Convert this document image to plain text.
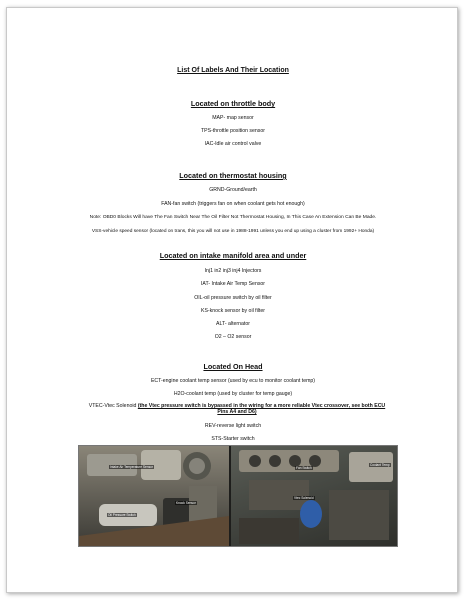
List Of Labels And Their Location
Located on throttle body
MAP- map sensor
TPS-throttle position sensor
IAC-Idle air control valve
Located on thermostat housing
GRND-Ground/earth
FAN-fan switch (triggers fan on when coolant gets hot enough)
Note: OBD0 Blocks Will have The Fan Switch Near The Oil Filter Not Thermostat Housing, In This Case An Extension Can Be Made.
VSS-vehicle speed sensor (located on trans, this you will not use in 1988-1991 unless you end up using a cluster from 1992+ Honda)
Located on intake manifold area and under
Inj1 in2 inj3 inj4 Injectors
IAT- Intake Air Temp Sensor
OIL-oil pressure switch by oil filter
KS-knock sensor by oil filter
ALT- alternator
O2 – O2 sensor
Located On Head
ECT-engine coolant temp sensor (used by ecu to monitor coolant temp)
H2O-coolant temp (used by cluster for temp gauge)
VTEC-Vtec Solenoid (the Vtec pressure switch is bypassed in the wiring for a more reliable Vtec crossover, see both ECU Pins A4 and D6)
REV-reverse light switch
STS-Starter switch
Intake Air Temperature Sensor
Knock Sensor
Oil Pressure Switch
Vtec Solenoid
Fan Switch
Coolant Temp
